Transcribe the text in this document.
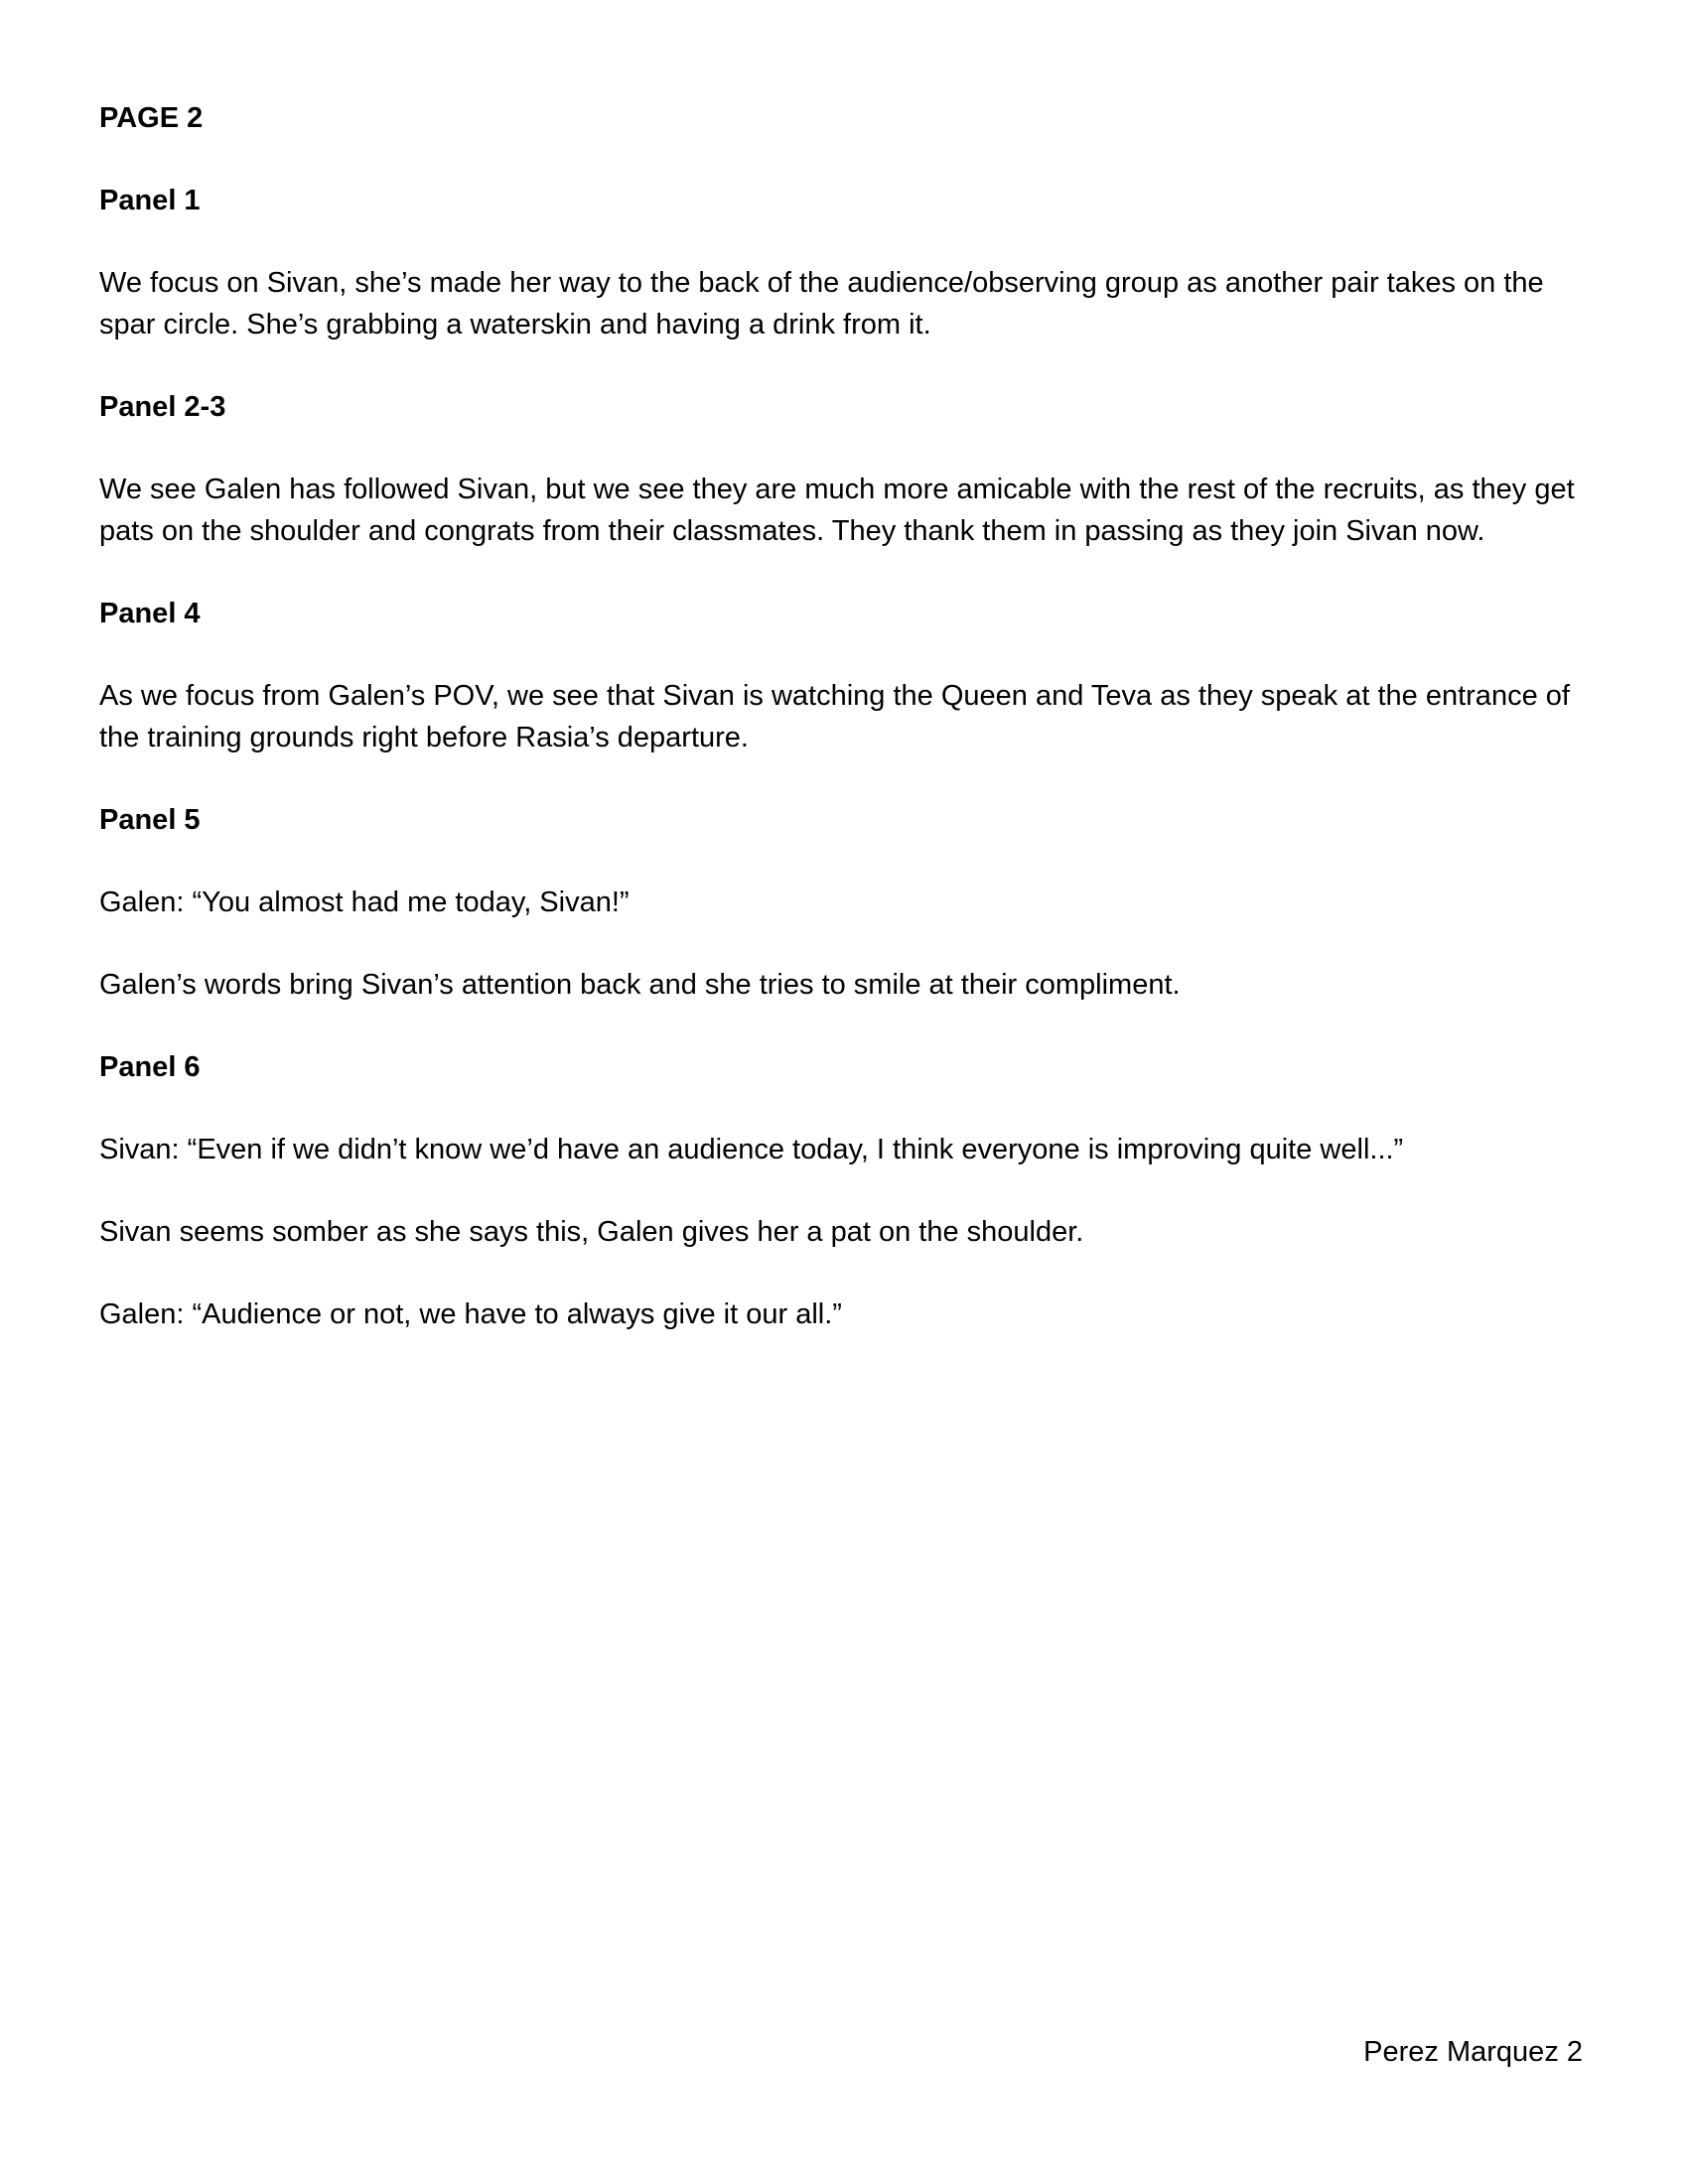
PAGE 2
Panel 1
We focus on Sivan, she’s made her way to the back of the audience/observing group as another pair takes on the spar circle. She’s grabbing a waterskin and having a drink from it.
Panel 2-3
We see Galen has followed Sivan, but we see they are much more amicable with the rest of the recruits, as they get pats on the shoulder and congrats from their classmates. They thank them in passing as they join Sivan now.
Panel 4
As we focus from Galen’s POV, we see that Sivan is watching the Queen and Teva as they speak at the entrance of the training grounds right before Rasia’s departure.
Panel 5
Galen: “You almost had me today, Sivan!”
Galen’s words bring Sivan’s attention back and she tries to smile at their compliment.
Panel 6
Sivan: “Even if we didn’t know we’d have an audience today, I think everyone is improving quite well...”
Sivan seems somber as she says this, Galen gives her a pat on the shoulder.
Galen: “Audience or not, we have to always give it our all.”
Perez Marquez 2
